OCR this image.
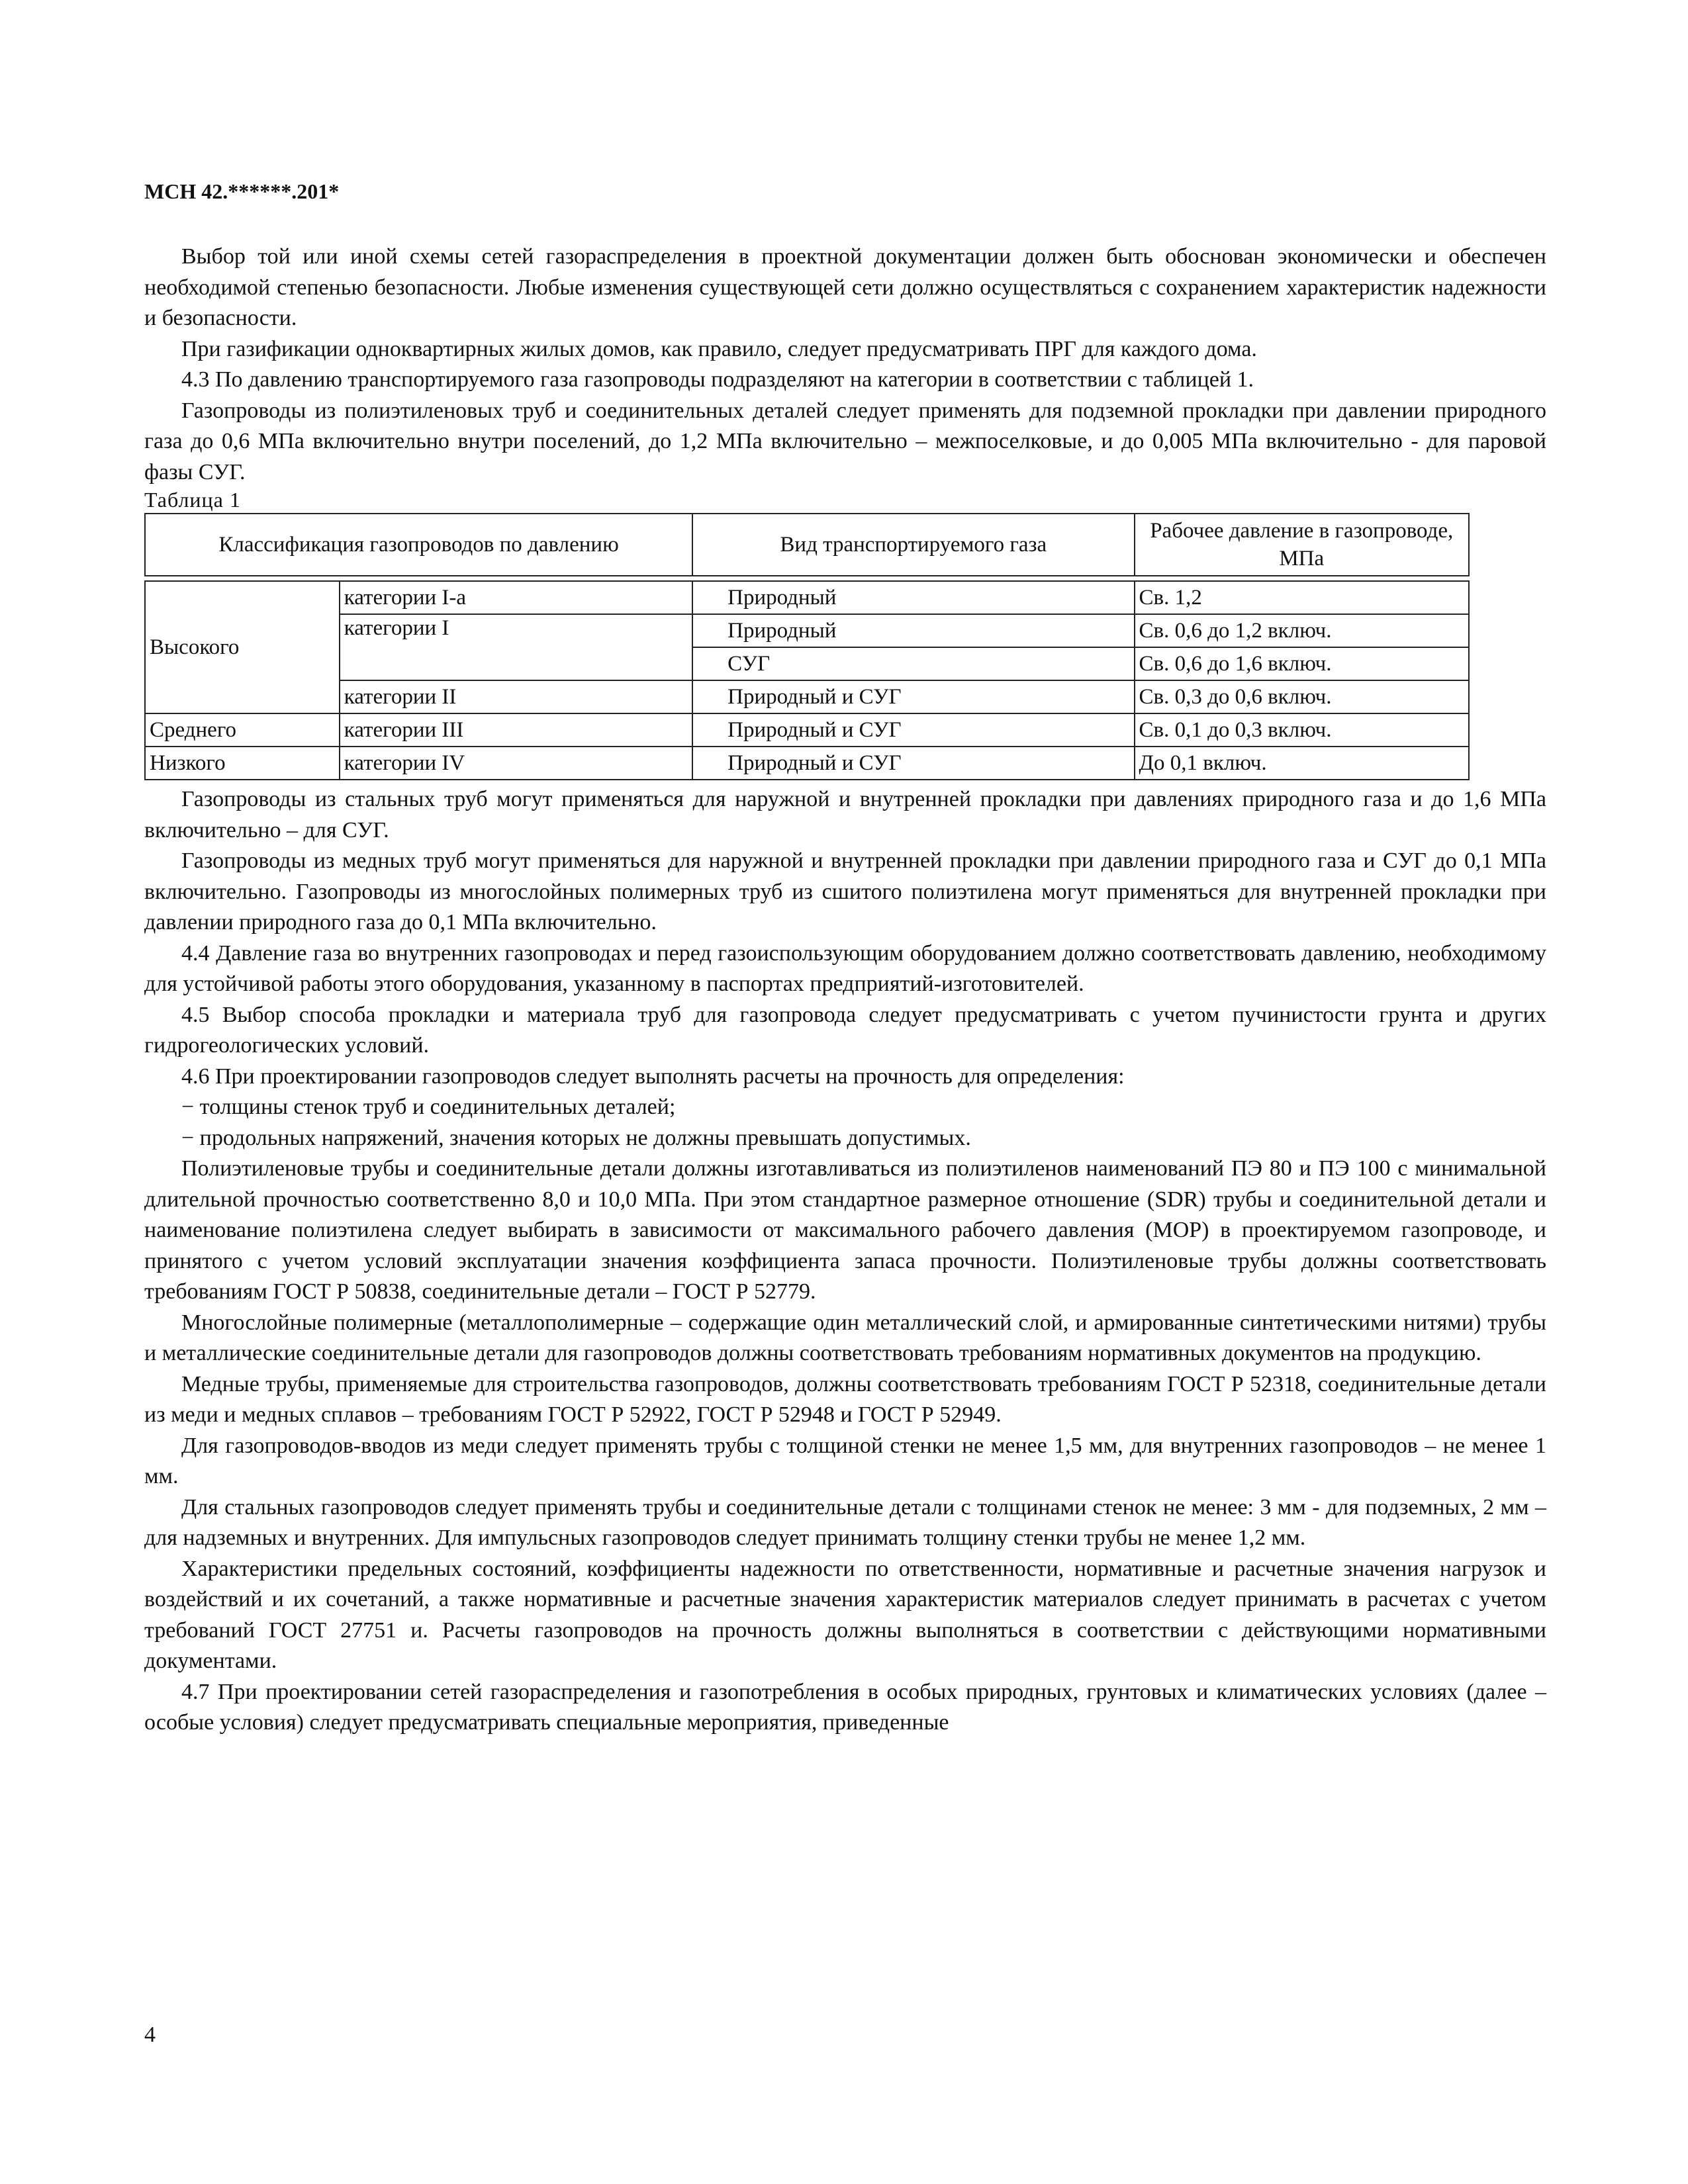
МСН 42.******.201*

Выбор той или иной схемы сетей газораспределения в проектной документации должен быть обоснован экономически и обеспечен необходимой степенью безопасности. Любые изменения существующей сети должно осуществляться с сохранением характеристик надежности и безопасности.

При газификации одноквартирных жилых домов, как правило, следует предусматривать ПРГ для каждого дома.

4.3 По давлению транспортируемого газа газопроводы подразделяют на категории в соответствии с таблицей 1.

Газопроводы из полиэтиленовых труб и соединительных деталей следует применять для подземной прокладки при давлении природного газа до 0,6 МПа включительно внутри поселений, до 1,2 МПа включительно – межпоселковые, и до 0,005 МПа включительно - для паровой фазы СУГ.

Таблица 1

Классификация газопроводов по давлению		Вид транспортируемого газа	Рабочее давление в газопроводе, МПа

Высокого	категории I-а	Природный	Св. 1,2
	категории I	Природный	Св. 0,6 до 1,2 включ.
		СУГ	Св. 0,6 до 1,6 включ.
	категории II	Природный и СУГ	Св. 0,3 до 0,6 включ.
Среднего	категории III	Природный и СУГ	Св. 0,1 до 0,3 включ.
Низкого	категории IV	Природный и СУГ	До 0,1 включ.

Газопроводы из стальных труб могут применяться для наружной и внутренней прокладки при давлениях природного газа и до 1,6 МПа включительно – для СУГ.

Газопроводы из медных труб могут применяться для наружной и внутренней прокладки при давлении природного газа и СУГ до 0,1 МПа включительно. Газопроводы из многослойных полимерных труб из сшитого полиэтилена могут применяться для внутренней прокладки при давлении природного газа до 0,1 МПа включительно.

4.4 Давление газа во внутренних газопроводах и перед газоиспользующим оборудованием должно соответствовать давлению, необходимому для устойчивой работы этого оборудования, указанному в паспортах предприятий-изготовителей.

4.5 Выбор способа прокладки и материала труб для газопровода следует предусматривать с учетом пучинистости грунта и других гидрогеологических условий.

4.6 При проектировании газопроводов следует выполнять расчеты на прочность для определения:

− толщины стенок труб и соединительных деталей;

− продольных напряжений, значения которых не должны превышать допустимых.

Полиэтиленовые трубы и соединительные детали должны изготавливаться из полиэтиленов наименований ПЭ 80 и ПЭ 100 с минимальной длительной прочностью соответственно 8,0 и 10,0 МПа. При этом стандартное размерное отношение (SDR) трубы и соединительной детали и наименование полиэтилена следует выбирать в зависимости от максимального рабочего давления (МОР) в проектируемом газопроводе, и принятого с учетом условий эксплуатации значения коэффициента запаса прочности. Полиэтиленовые трубы должны соответствовать требованиям ГОСТ Р 50838, соединительные детали – ГОСТ Р 52779.

Многослойные полимерные (металлополимерные – содержащие один металлический слой, и армированные синтетическими нитями) трубы и металлические соединительные детали для газопроводов должны соответствовать требованиям нормативных документов на продукцию.

Медные трубы, применяемые для строительства газопроводов, должны соответствовать требованиям ГОСТ Р 52318, соединительные детали из меди и медных сплавов – требованиям ГОСТ Р 52922, ГОСТ Р 52948 и ГОСТ Р 52949.

Для газопроводов-вводов из меди следует применять трубы с толщиной стенки не менее 1,5 мм, для внутренних газопроводов – не менее 1 мм.

Для стальных газопроводов следует применять трубы и соединительные детали с толщинами стенок не менее: 3 мм - для подземных, 2 мм – для надземных и внутренних. Для импульсных газопроводов следует принимать толщину стенки трубы не менее 1,2 мм.

Характеристики предельных состояний, коэффициенты надежности по ответственности, нормативные и расчетные значения нагрузок и воздействий и их сочетаний, а также нормативные и расчетные значения характеристик материалов следует принимать в расчетах с учетом требований ГОСТ 27751 и. Расчеты газопроводов на прочность должны выполняться в соответствии с действующими нормативными документами.

4.7 При проектировании сетей газораспределения и газопотребления в особых природных, грунтовых и климатических условиях (далее – особые условия) следует предусматривать специальные мероприятия, приведенные

4
